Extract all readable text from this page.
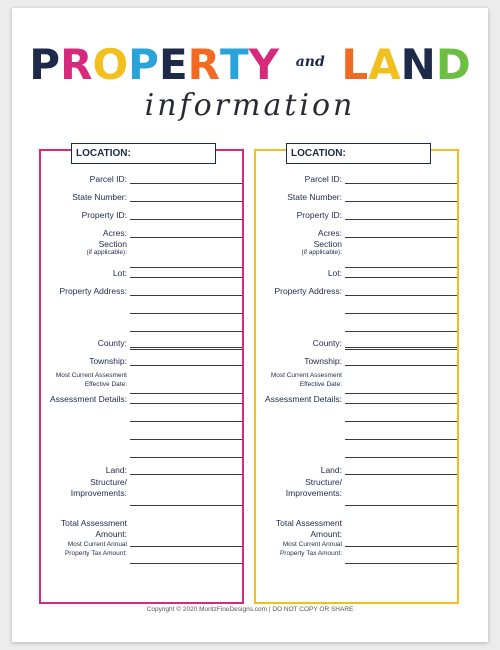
PROPERTY and LAND
information
LOCATION:
Parcel ID:
State Number:
Property ID:
Acres:
Section
(if applicable):
Lot:
Property Address:
County:
Township:
Most Current Assesment
Effective Date:
Assessment Details:
Land:
Structure/
Improvements:
Total Assessment
Amount:
Most Current Annual
Property Tax Amount:
LOCATION:
Parcel ID:
State Number:
Property ID:
Acres:
Section
(if applicable):
Lot:
Property Address:
County:
Township:
Most Current Assesment
Effective Date:
Assessment Details:
Land:
Structure/
Improvements:
Total Assessment
Amount:
Most Current Annual
Property Tax Amount:
Copyright © 2020 MoritzFineDesigns.com | DO NOT COPY OR SHARE
